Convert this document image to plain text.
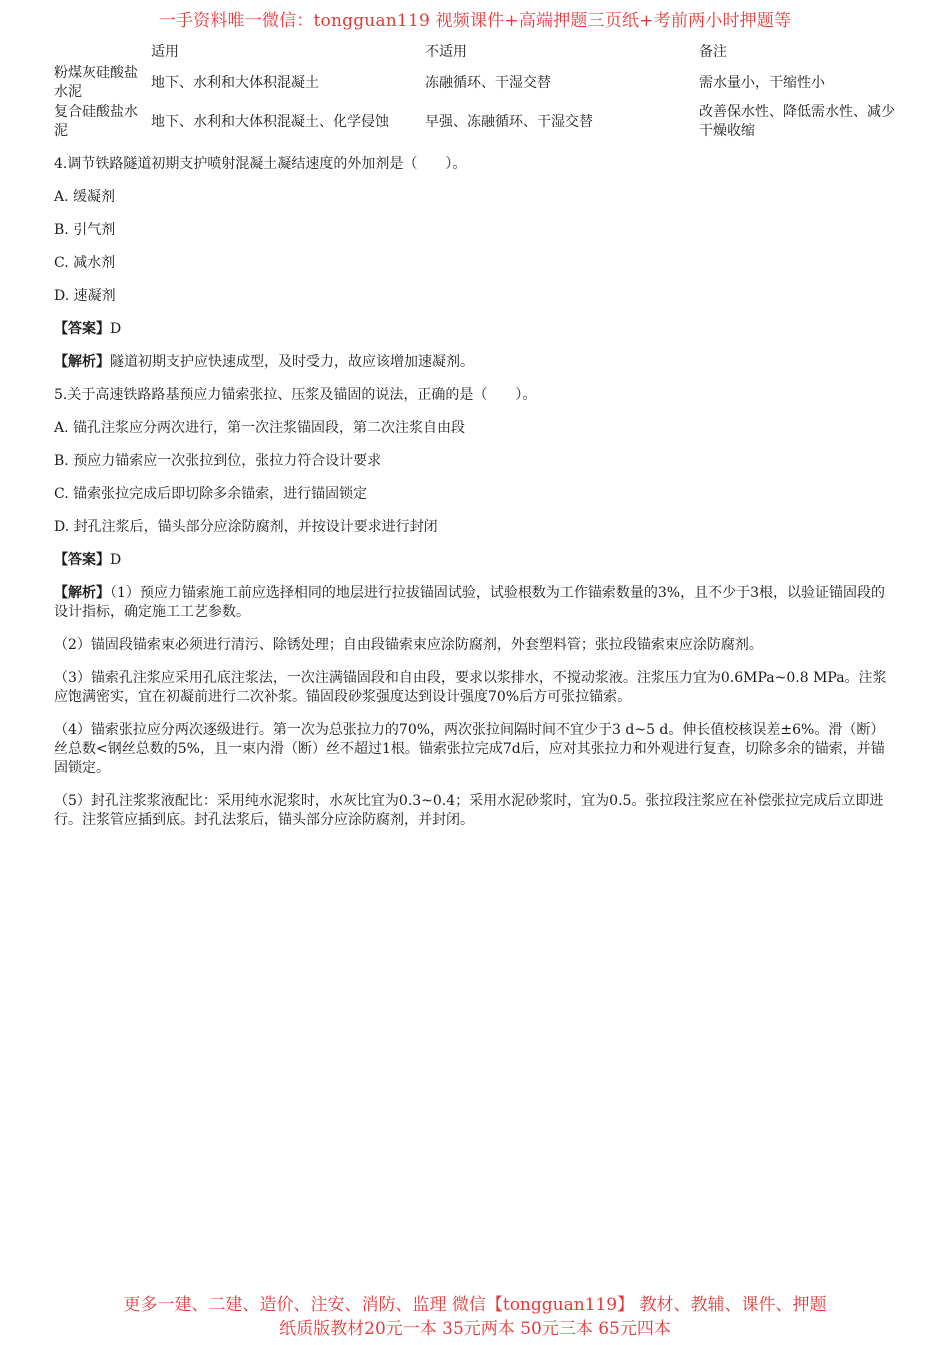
一手资料唯一微信：tongguan119 视频课件+高端押题三页纸+考前两小时押题等
	适用	不适用	备注
粉煤灰硅酸盐水泥	地下、水利和大体积混凝土	冻融循环、干湿交替	需水量小，干缩性小
复合硅酸盐水泥	地下、水利和大体积混凝土、化学侵蚀	早强、冻融循环、干湿交替	改善保水性、降低需水性、减少干燥收缩

4.调节铁路隧道初期支护喷射混凝土凝结速度的外加剂是（　　）。

A. 缓凝剂

B. 引气剂

C. 减水剂

D. 速凝剂

【答案】D

【解析】隧道初期支护应快速成型，及时受力，故应该增加速凝剂。

5.关于高速铁路路基预应力锚索张拉、压浆及锚固的说法，正确的是（　　）。

A. 锚孔注浆应分两次进行，第一次注浆锚固段，第二次注浆自由段

B. 预应力锚索应一次张拉到位，张拉力符合设计要求

C. 锚索张拉完成后即切除多余锚索，进行锚固锁定

D. 封孔注浆后，锚头部分应涂防腐剂，并按设计要求进行封闭

【答案】D

【解析】（1）预应力锚索施工前应选择相同的地层进行拉拔锚固试验，试验根数为工作锚索数量的3%，且不少于3根，以验证锚固段的设计指标，确定施工工艺参数。

（2）锚固段锚索束必须进行清污、除锈处理；自由段锚索束应涂防腐剂，外套塑料管；张拉段锚索束应涂防腐剂。

（3）锚索孔注浆应采用孔底注浆法，一次注满锚固段和自由段，要求以浆排水，不搅动浆液。注浆压力宜为0.6MPa~0.8 MPa。注浆应饱满密实，宜在初凝前进行二次补浆。锚固段砂浆强度达到设计强度70%后方可张拉锚索。

（4）锚索张拉应分两次逐级进行。第一次为总张拉力的70%，两次张拉间隔时间不宜少于3 d~5 d。伸长值校核误差±6%。滑（断）丝总数<钢丝总数的5%，且一束内滑（断）丝不超过1根。锚索张拉完成7d后，应对其张拉力和外观进行复查，切除多余的锚索，并锚固锁定。

（5）封孔注浆浆液配比：采用纯水泥浆时，水灰比宜为0.3~0.4；采用水泥砂浆时，宜为0.5。张拉段注浆应在补偿张拉完成后立即进行。注浆管应插到底。封孔法浆后，锚头部分应涂防腐剂，并封闭。

更多一建、二建、造价、注安、消防、监理 微信【tongguan119】 教材、教辅、课件、押题
纸质版教材20元一本 35元两本 50元三本 65元四本
